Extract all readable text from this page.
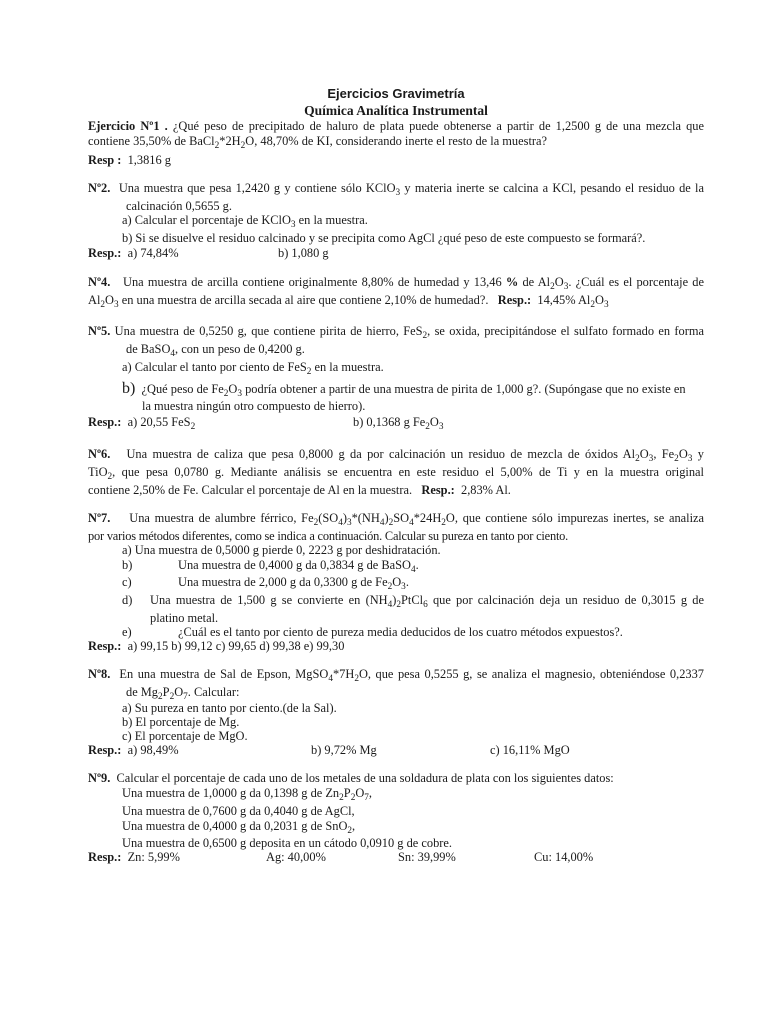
Ejercicios Gravimetría
Química Analítica Instrumental
Ejercicio Nº1 . ¿Qué peso de precipitado de haluro de plata puede obtenerse a partir de 1,2500 g de una mezcla que
contiene 35,50% de $BaCl_2*2H_2O$, 48,70% de KI, considerando inerte el resto de la muestra?
Resp : 1,3816 g
Nº2. Una muestra que pesa 1,2420 g y contiene sólo KClO$_3$ y materia inerte se calcina a KCl, pesando el residuo de la
calcinación 0,5655 g.
a) Calcular el porcentaje de KClO$_3$ en la muestra.
b) Si se disuelve el residuo calcinado y se precipita como AgCl ¿qué peso de este compuesto se formará?.
Resp.: a) 74,84%	b) 1,080 g
Nº4. Una muestra de arcilla contiene originalmente 8,80% de humedad y 13,46 % de $Al_2O_3$. ¿Cuál es el porcentaje de
$Al_2O_3$ en una muestra de arcilla secada al aire que contiene 2,10% de humedad?. Resp.: 14,45% $Al_2O_3$
Nº5. Una muestra de 0,5250 g, que contiene pirita de hierro, FeS$_2$, se oxida, precipitándose el sulfato formado en forma
de BaSO$_4$, con un peso de 0,4200 g.
a) Calcular el tanto por ciento de FeS$_2$ en la muestra.
b) ¿Qué peso de $Fe_2O_3$ podría obtener a partir de una muestra de pirita de 1,000 g?. (Supóngase que no existe en
la muestra ningún otro compuesto de hierro).
Resp.: a) 20,55 FeS$_2$	b) 0,1368 g $Fe_2O_3$
Nº6. Una muestra de caliza que pesa 0,8000 g da por calcinación un residuo de mezcla de óxidos $Al_2O_3$, $Fe_2O_3$ y
TiO$_2$, que pesa 0,0780 g. Mediante análisis se encuentra en este residuo el 5,00% de Ti y en la muestra original
contiene 2,50% de Fe. Calcular el porcentaje de Al en la muestra. Resp.: 2,83% Al.
Nº7. Una muestra de alumbre férrico, $Fe_2(SO_4)_3*(NH_4)_2SO_4*24H_2O$, que contiene sólo impurezas inertes, se analiza
por varios métodos diferentes, como se indica a continuación. Calcular su pureza en tanto por ciento.
a) Una muestra de 0,5000 g pierde 0, 2223 g por deshidratación.
b)	Una muestra de 0,4000 g da 0,3834 g de BaSO$_4$.
c)	Una muestra de 2,000 g da 0,3300 g de $Fe_2O_3$.
d) Una muestra de 1,500 g se convierte en $(NH_4)_2PtCl_6$ que por calcinación deja un residuo de 0,3015 g de
platino metal.
e)	¿Cuál es el tanto por ciento de pureza media deducidos de los cuatro métodos expuestos?.
Resp.: a) 99,15 b) 99,12 c) 99,65 d) 99,38 e) 99,30
Nº8. En una muestra de Sal de Epson, $MgSO_4*7H_2O$, que pesa 0,5255 g, se analiza el magnesio, obteniéndose 0,2337
de $Mg_2P_2O_7$. Calcular:
a) Su pureza en tanto por ciento.(de la Sal).
b) El porcentaje de Mg.
c) El porcentaje de MgO.
Resp.: a) 98,49%	b) 9,72% Mg	c) 16,11% MgO
Nº9. Calcular el porcentaje de cada uno de los metales de una soldadura de plata con los siguientes datos:
Una muestra de 1,0000 g da 0,1398 g de $Zn_2P_2O_7$,
Una muestra de 0,7600 g da 0,4040 g de AgCl,
Una muestra de 0,4000 g da 0,2031 g de SnO$_2$,
Una muestra de 0,6500 g deposita en un cátodo 0,0910 g de cobre.
Resp.: Zn: 5,99%	Ag: 40,00%	Sn: 39,99%	Cu: 14,00%
